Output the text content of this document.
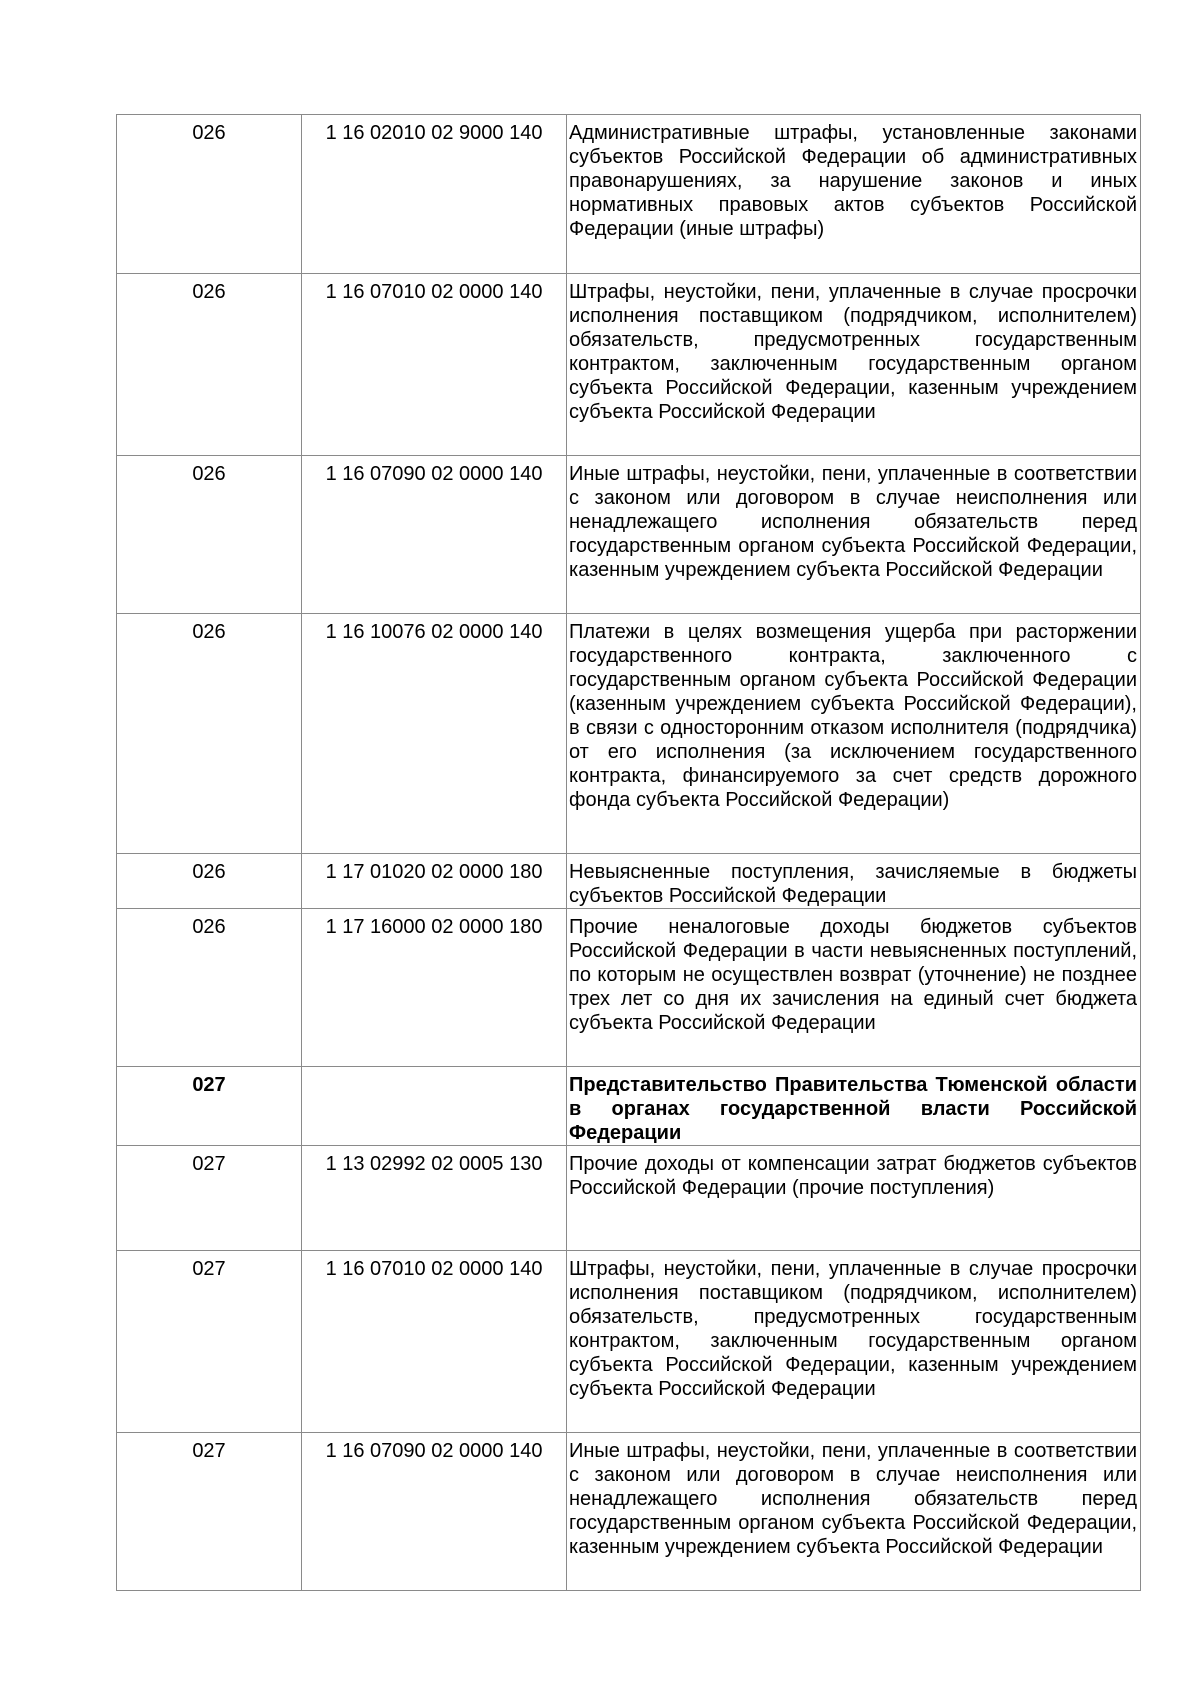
026	1 16 02010 02 9000 140	Административные штрафы, установленные законами субъектов Российской Федерации об административных правонарушениях, за нарушение законов и иных нормативных правовых актов субъектов Российской Федерации (иные штрафы)

026	1 16 07010 02 0000 140	Штрафы, неустойки, пени, уплаченные в случае просрочки исполнения поставщиком (подрядчиком, исполнителем) обязательств, предусмотренных государственным контрактом, заключенным государственным органом субъекта Российской Федерации, казенным учреждением субъекта Российской Федерации

026	1 16 07090 02 0000 140	Иные штрафы, неустойки, пени, уплаченные в соответствии с законом или договором в случае неисполнения или ненадлежащего исполнения обязательств перед государственным органом субъекта Российской Федерации, казенным учреждением субъекта Российской Федерации

026	1 16 10076 02 0000 140	Платежи в целях возмещения ущерба при расторжении государственного контракта, заключенного с государственным органом субъекта Российской Федерации (казенным учреждением субъекта Российской Федерации), в связи с односторонним отказом исполнителя (подрядчика) от его исполнения (за исключением государственного контракта, финансируемого за счет средств дорожного фонда субъекта Российской Федерации)

026	1 17 01020 02 0000 180	Невыясненные поступления, зачисляемые в бюджеты субъектов Российской Федерации

026	1 17 16000 02 0000 180	Прочие неналоговые доходы бюджетов субъектов Российской Федерации в части невыясненных поступлений, по которым не осуществлен возврат (уточнение) не позднее трех лет со дня их зачисления на единый счет бюджета субъекта Российской Федерации

027		Представительство Правительства Тюменской области в органах государственной власти Российской Федерации

027	1 13 02992 02 0005 130	Прочие доходы от компенсации затрат бюджетов субъектов Российской Федерации (прочие поступления)

027	1 16 07010 02 0000 140	Штрафы, неустойки, пени, уплаченные в случае просрочки исполнения поставщиком (подрядчиком, исполнителем) обязательств, предусмотренных государственным контрактом, заключенным государственным органом субъекта Российской Федерации, казенным учреждением субъекта Российской Федерации

027	1 16 07090 02 0000 140	Иные штрафы, неустойки, пени, уплаченные в соответствии с законом или договором в случае неисполнения или ненадлежащего исполнения обязательств перед государственным органом субъекта Российской Федерации, казенным учреждением субъекта Российской Федерации
